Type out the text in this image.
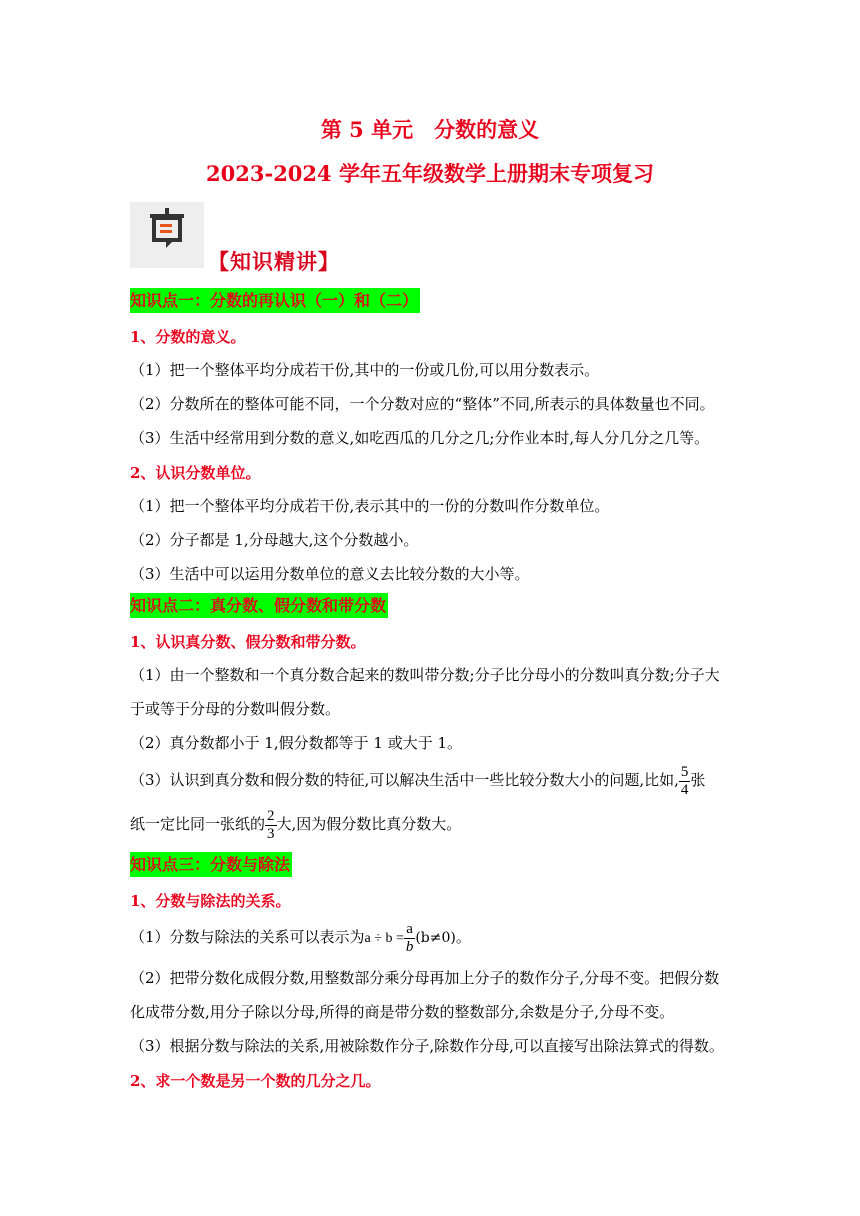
第 5 单元　分数的意义
2023-2024 学年五年级数学上册期末专项复习
【知识精讲】
知识点一：分数的再认识（一）和（二）
1、分数的意义。
（1）把一个整体平均分成若干份,其中的一份或几份,可以用分数表示。
（2）分数所在的整体可能不同，一个分数对应的“整体”不同,所表示的具体数量也不同。
（3）生活中经常用到分数的意义,如吃西瓜的几分之几;分作业本时,每人分几分之几等。
2、认识分数单位。
（1）把一个整体平均分成若干份,表示其中的一份的分数叫作分数单位。
（2）分子都是 1,分母越大,这个分数越小。
（3）生活中可以运用分数单位的意义去比较分数的大小等。
知识点二：真分数、假分数和带分数
1、认识真分数、假分数和带分数。
（1）由一个整数和一个真分数合起来的数叫带分数;分子比分母小的分数叫真分数;分子大
于或等于分母的分数叫假分数。
（2）真分数都小于 1,假分数都等于 1 或大于 1。
（3）认识到真分数和假分数的特征,可以解决生活中一些比较分数大小的问题,比如, $\frac{5}{4}$ 张
纸一定比同一张纸的 $\frac{2}{3}$ 大,因为假分数比真分数大。
知识点三：分数与除法
1、分数与除法的关系。
（1）分数与除法的关系可以表示为$a \div b = \frac{a}{b} (b\ne 0)$。
（2）把带分数化成假分数,用整数部分乘分母再加上分子的数作分子,分母不变。把假分数
化成带分数,用分子除以分母,所得的商是带分数的整数部分,余数是分子,分母不变。
（3）根据分数与除法的关系,用被除数作分子,除数作分母,可以直接写出除法算式的得数。
2、求一个数是另一个数的几分之几。
